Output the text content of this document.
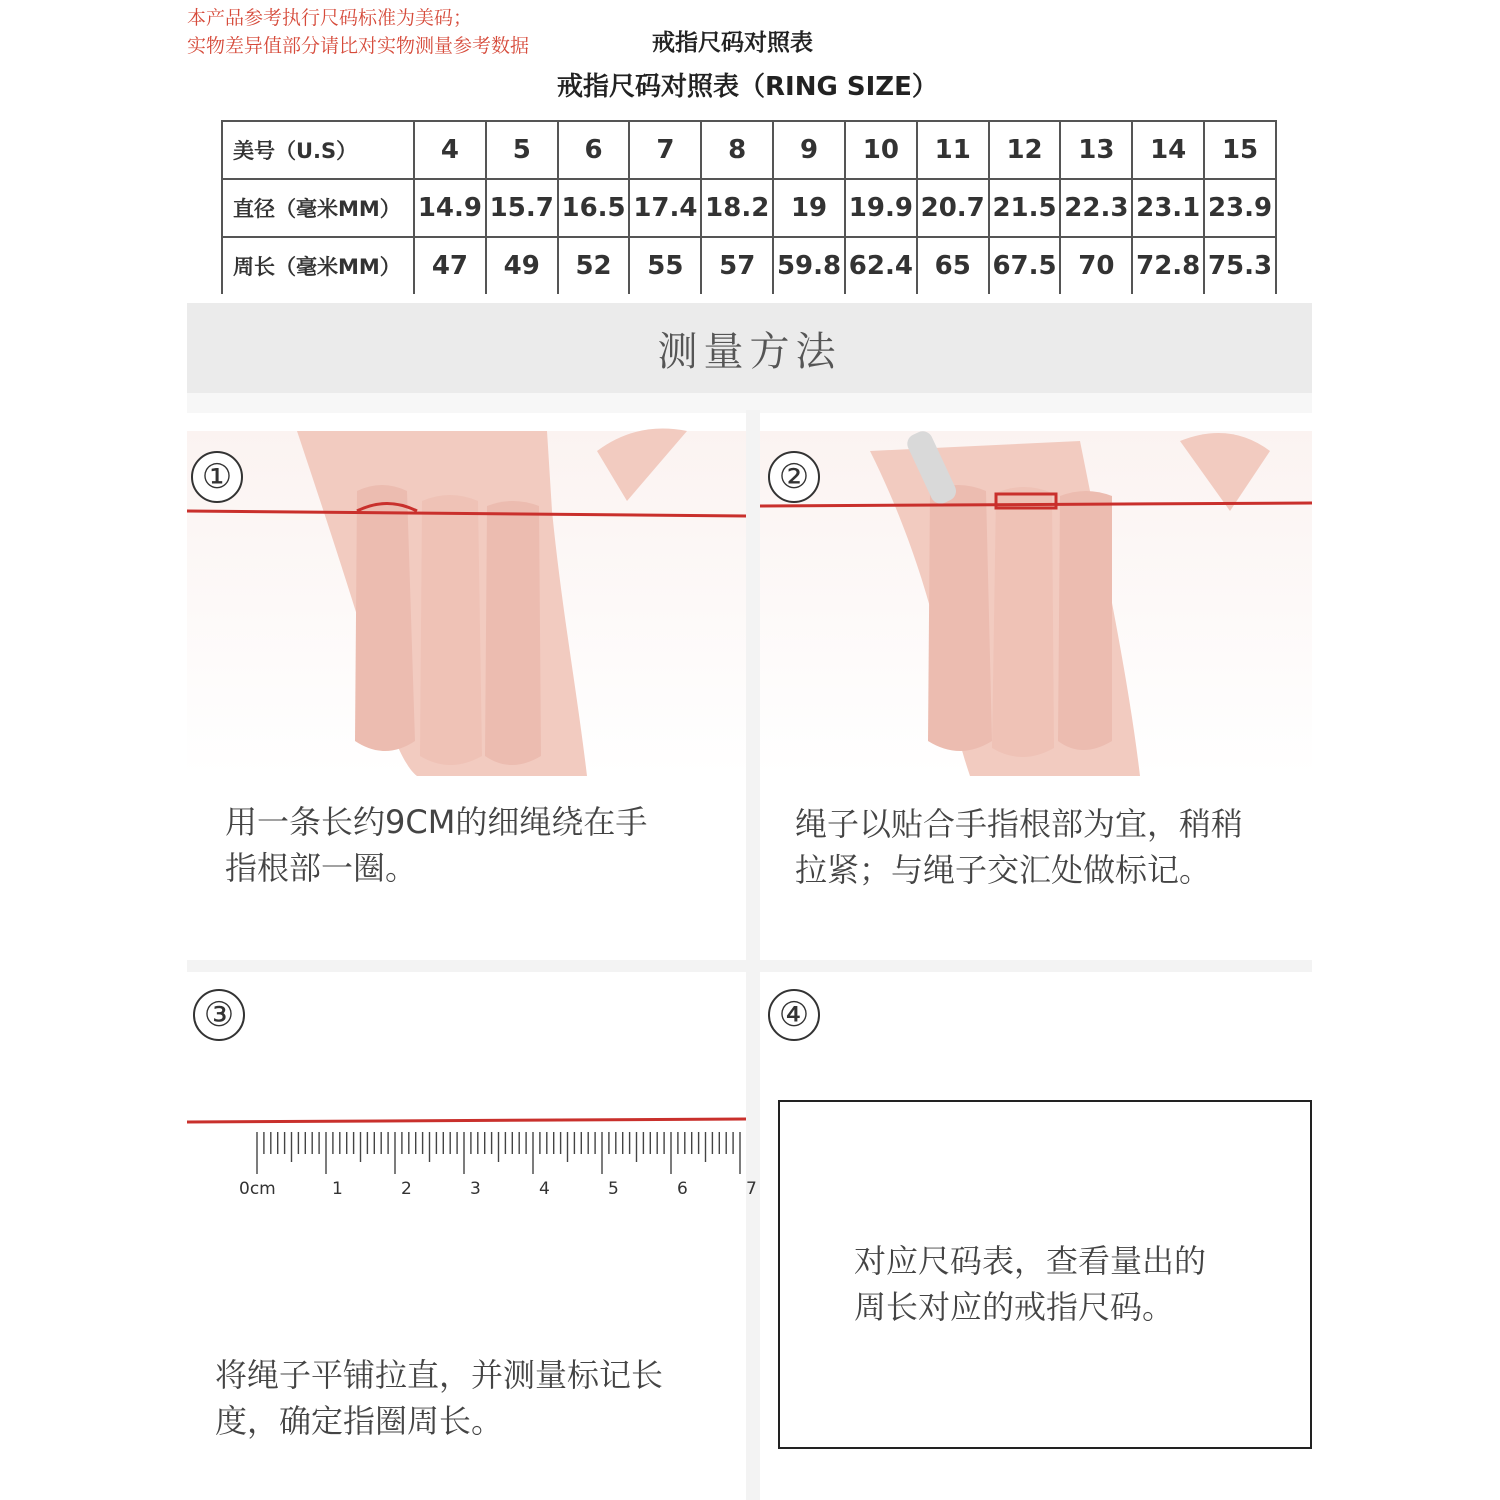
本产品参考执行尺码标准为美码；
实物差异值部分请比对实物测量参考数据	戒指尺码对照表
戒指尺码对照表（RING SIZE）
美号（U.S）	4	5	6	7	8	9	10	11	12	13	14	15
直径（毫米MM）	14.9	15.7	16.5	17.4	18.2	19	19.9	20.7	21.5	22.3	23.1	23.9
周长（毫米MM）	47	49	52	55	57	59.8	62.4	65	67.5	70	72.8	75.3
测量方法
①
用一条长约9CM的细绳绕在手
指根部一圈。
②
绳子以贴合手指根部为宜，稍稍
拉紧；与绳子交汇处做标记。
③
0cm	1	2	3	4	5	6	7
将绳子平铺拉直，并测量标记长
度，确定指圈周长。
④
对应尺码表，查看量出的
周长对应的戒指尺码。
